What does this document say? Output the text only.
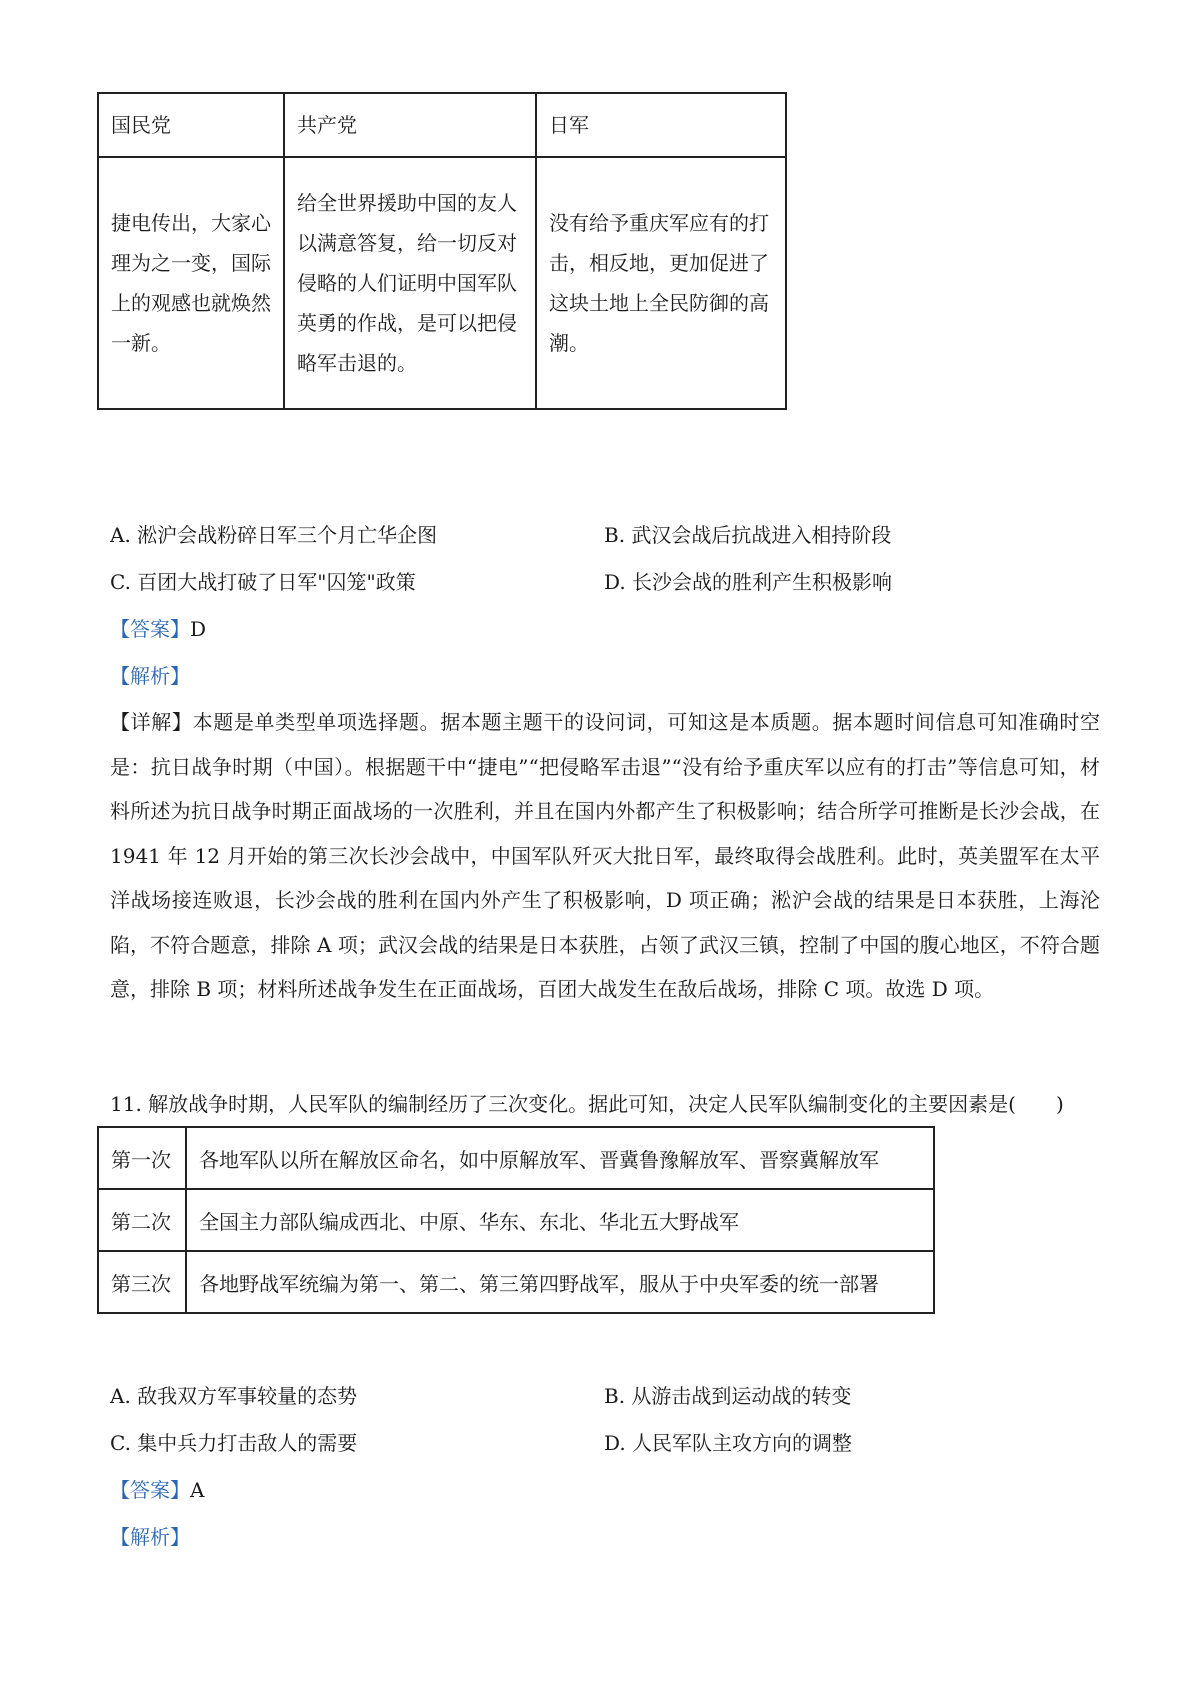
国民党	共产党	日军
捷电传出，大家心理为之一变，国际上的观感也就焕然一新。	给全世界援助中国的友人以满意答复，给一切反对侵略的人们证明中国军队英勇的作战，是可以把侵略军击退的。	没有给予重庆军应有的打击，相反地，更加促进了这块土地上全民防御的高潮。
A. 淞沪会战粉碎日军三个月亡华企图	B. 武汉会战后抗战进入相持阶段
C. 百团大战打破了日军"囚笼"政策	D. 长沙会战的胜利产生积极影响
【答案】D
【解析】
【详解】本题是单类型单项选择题。据本题主题干的设问词，可知这是本质题。据本题时间信息可知准确时空是：抗日战争时期（中国）。根据题干中“捷电”“把侵略军击退”“没有给予重庆军以应有的打击”等信息可知，材料所述为抗日战争时期正面战场的一次胜利，并且在国内外都产生了积极影响；结合所学可推断是长沙会战，在 1941 年 12 月开始的第三次长沙会战中，中国军队歼灭大批日军，最终取得会战胜利。此时，英美盟军在太平洋战场接连败退，长沙会战的胜利在国内外产生了积极影响，D 项正确；淞沪会战的结果是日本获胜，上海沦陷，不符合题意，排除 A 项；武汉会战的结果是日本获胜，占领了武汉三镇，控制了中国的腹心地区，不符合题意，排除 B 项；材料所述战争发生在正面战场，百团大战发生在敌后战场，排除 C 项。故选 D 项。
11. 解放战争时期，人民军队的编制经历了三次变化。据此可知，决定人民军队编制变化的主要因素是(　　)
第一次	各地军队以所在解放区命名，如中原解放军、晋冀鲁豫解放军、晋察冀解放军
第二次	全国主力部队编成西北、中原、华东、东北、华北五大野战军
第三次	各地野战军统编为第一、第二、第三第四野战军，服从于中央军委的统一部署
A. 敌我双方军事较量的态势	B. 从游击战到运动战的转变
C. 集中兵力打击敌人的需要	D. 人民军队主攻方向的调整
【答案】A
【解析】
